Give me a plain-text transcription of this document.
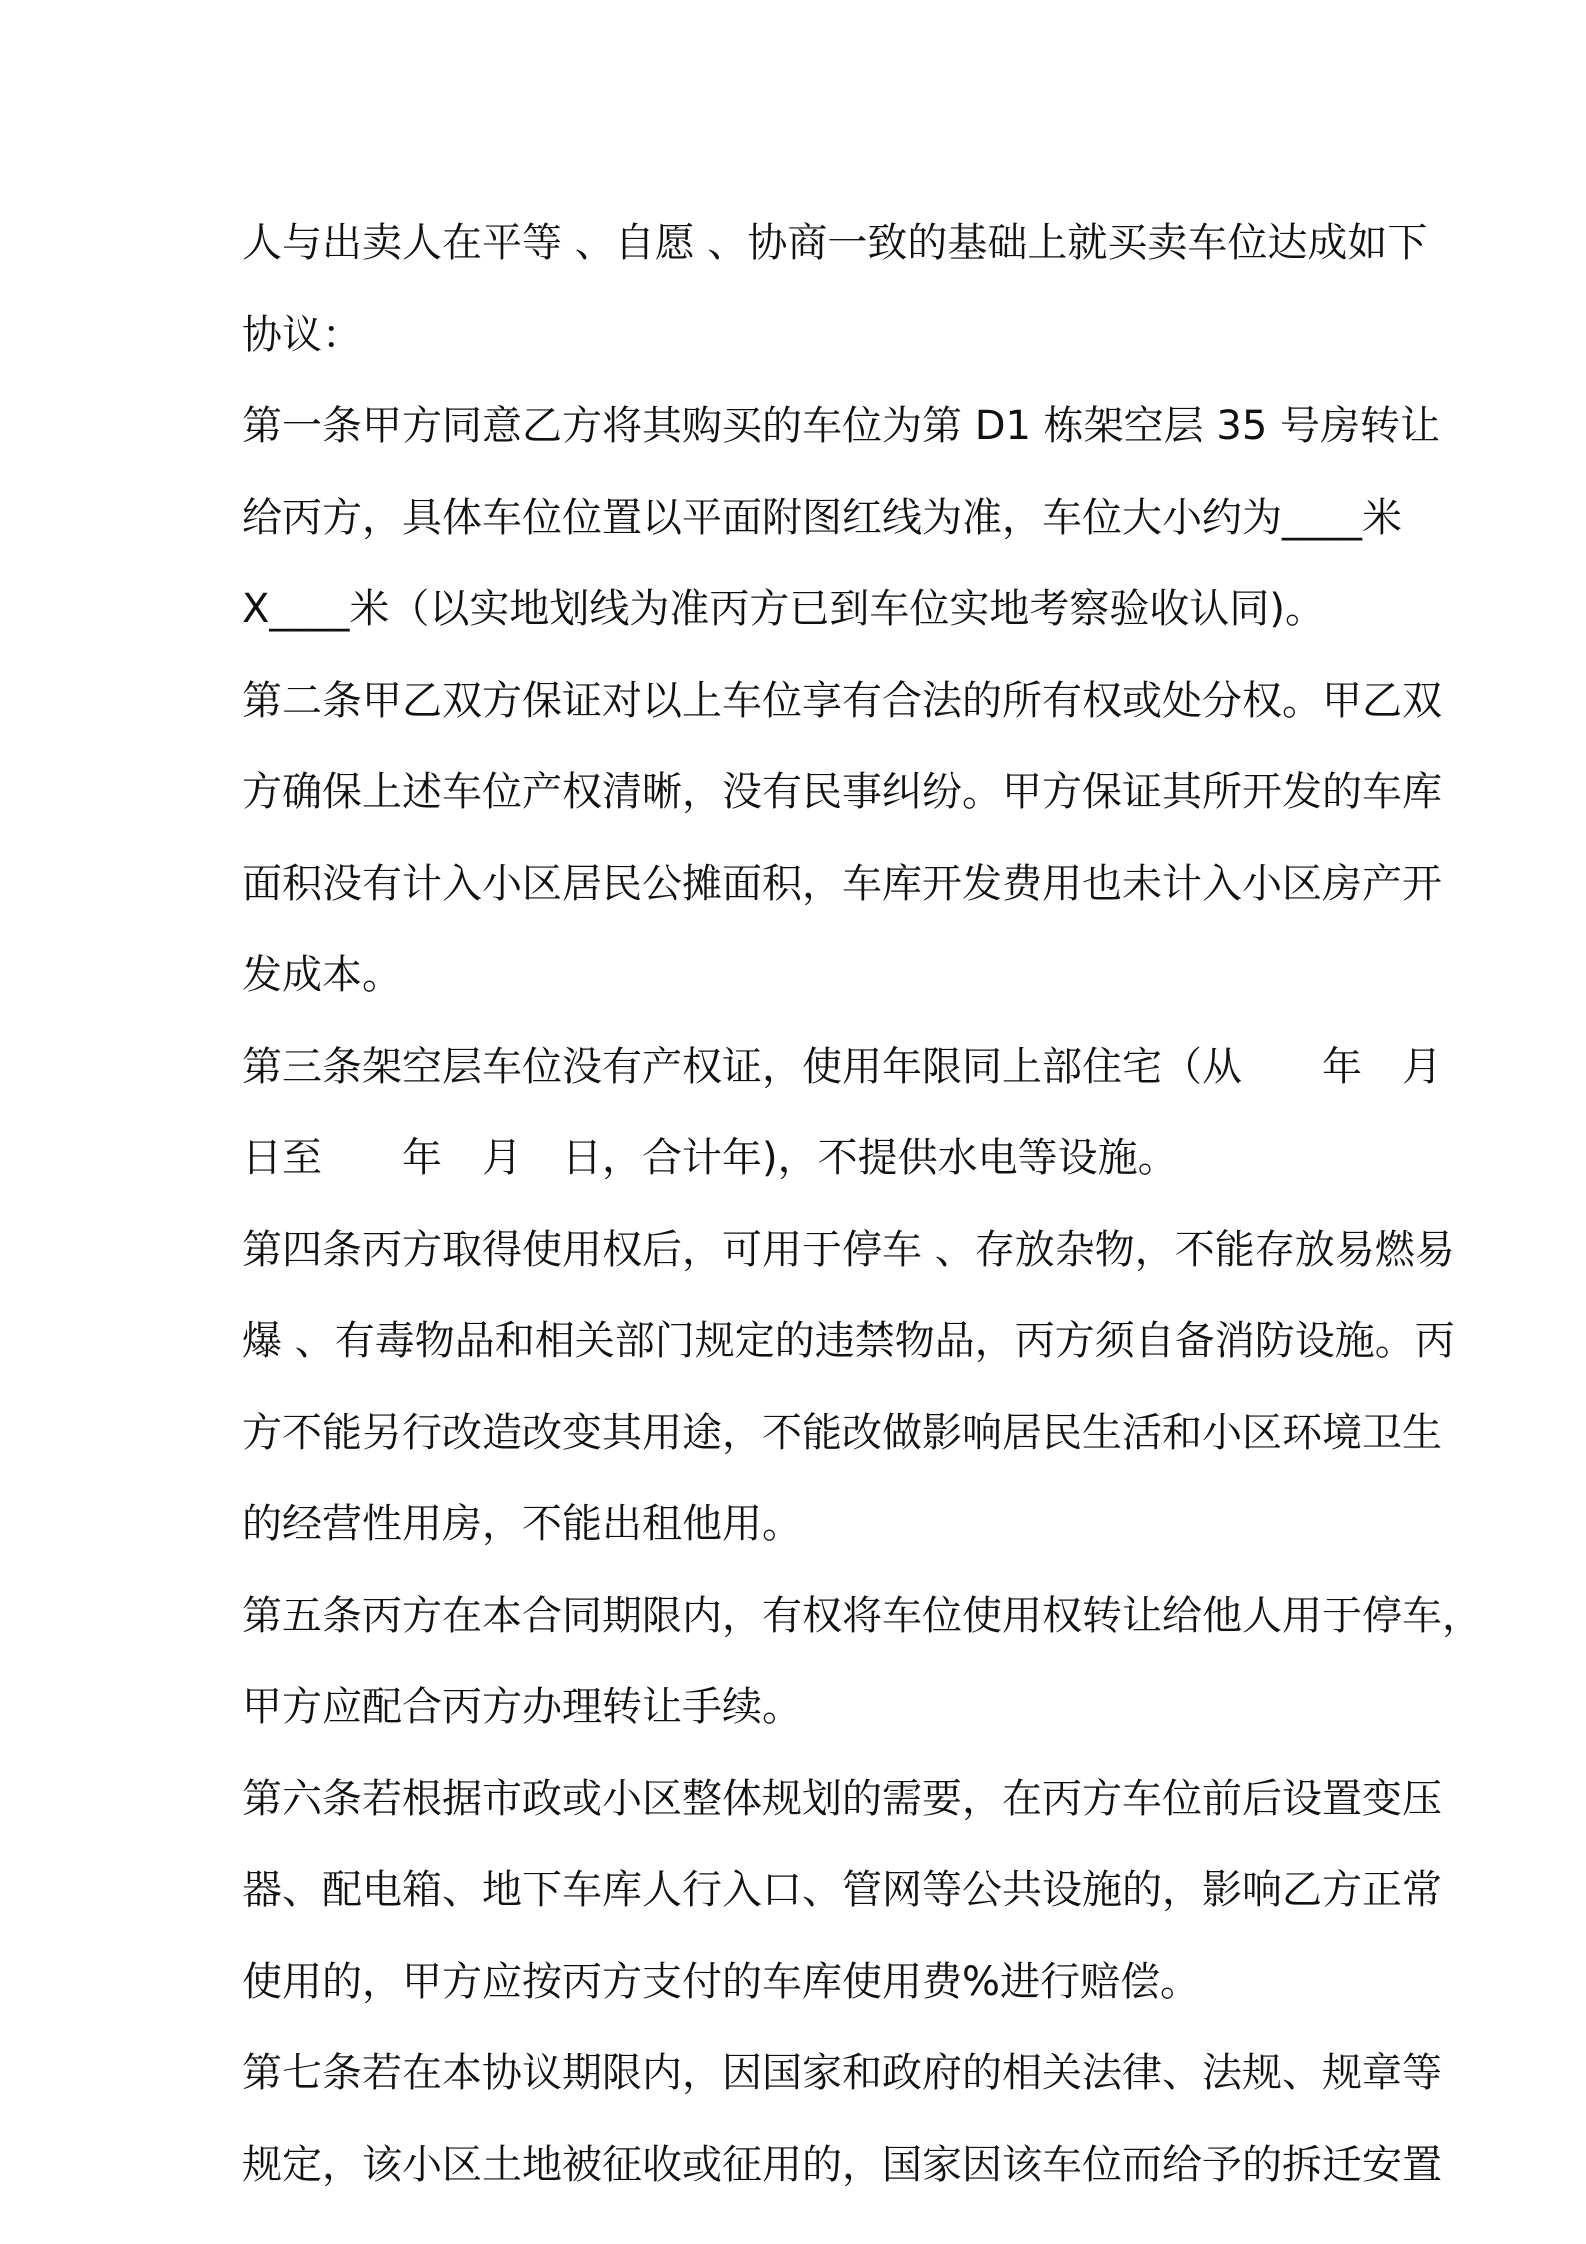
人与出卖人在平等 、自愿 、协商一致的基础上就买卖车位达成如下
协议：
第一条甲方同意乙方将其购买的车位为第 D1 栋架空层 35 号房转让
给丙方，具体车位位置以平面附图红线为准，车位大小约为____米
X____米（以实地划线为准丙方已到车位实地考察验收认同)。
第二条甲乙双方保证对以上车位享有合法的所有权或处分权。甲乙双
方确保上述车位产权清晰，没有民事纠纷。甲方保证其所开发的车库
面积没有计入小区居民公摊面积，车库开发费用也未计入小区房产开
发成本。
第三条架空层车位没有产权证，使用年限同上部住宅（从　　年　月
日至　　年　月　日，合计年)，不提供水电等设施。
第四条丙方取得使用权后，可用于停车 、存放杂物，不能存放易燃易
爆 、有毒物品和相关部门规定的违禁物品，丙方须自备消防设施。丙
方不能另行改造改变其用途，不能改做影响居民生活和小区环境卫生
的经营性用房，不能出租他用。
第五条丙方在本合同期限内，有权将车位使用权转让给他人用于停车，
甲方应配合丙方办理转让手续。
第六条若根据市政或小区整体规划的需要，在丙方车位前后设置变压
器、配电箱、地下车库人行入口、管网等公共设施的，影响乙方正常
使用的，甲方应按丙方支付的车库使用费%进行赔偿。
第七条若在本协议期限内，因国家和政府的相关法律、法规、规章等
规定，该小区土地被征收或征用的，国家因该车位而给予的拆迁安置
